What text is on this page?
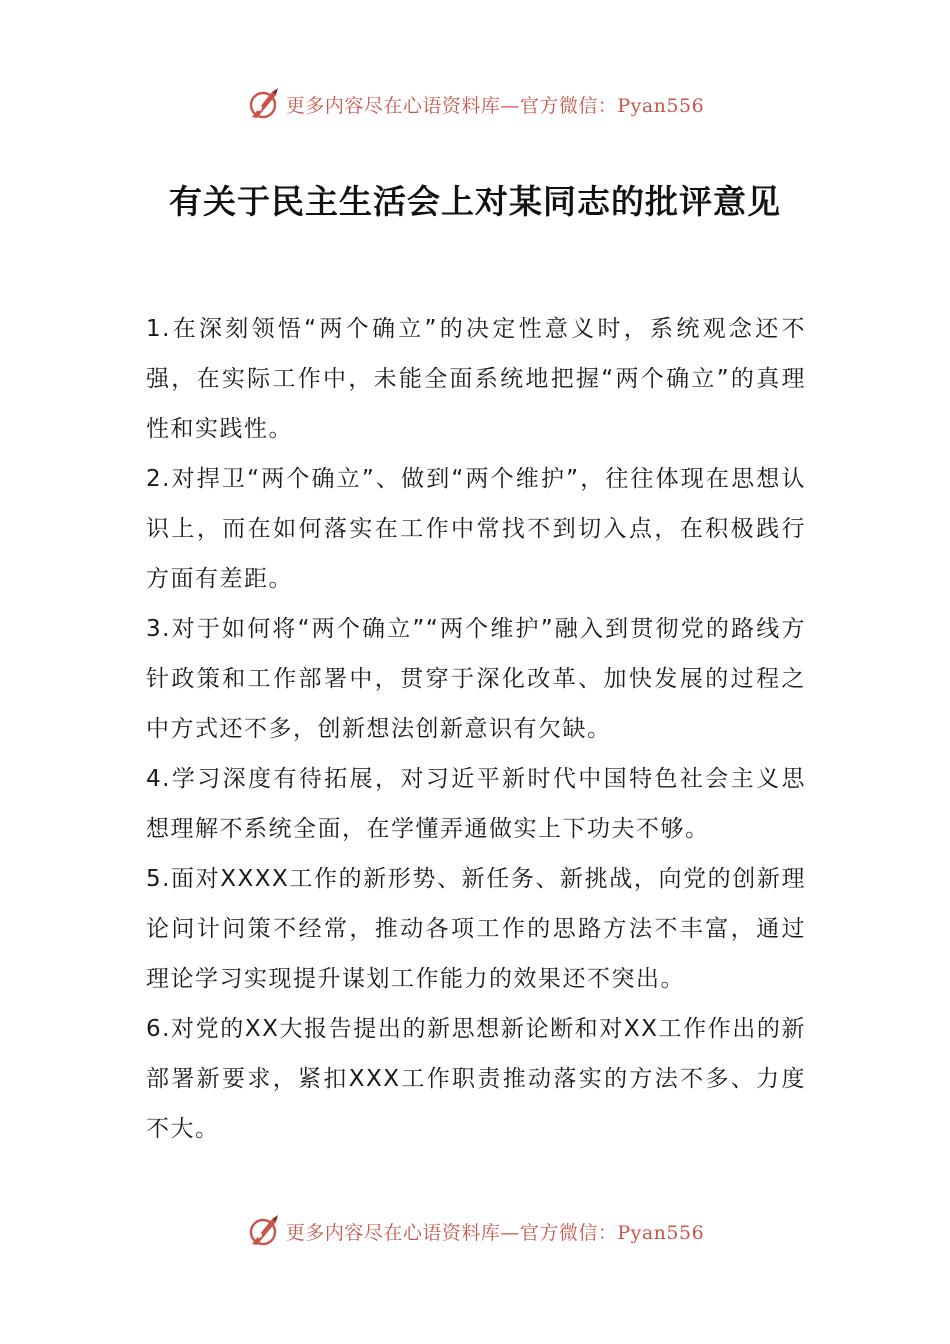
更多内容尽在心语资料库—官方微信：Pyan556
有关于民主生活会上对某同志的批评意见

1.在深刻领悟“两个确立”的决定性意义时，系统观念还不强，在实际工作中，未能全面系统地把握“两个确立”的真理性和实践性。

2.对捍卫“两个确立”、做到“两个维护”，往往体现在思想认识上，而在如何落实在工作中常找不到切入点，在积极践行方面有差距。

3.对于如何将“两个确立”“两个维护”融入到贯彻党的路线方针政策和工作部署中，贯穿于深化改革、加快发展的过程之中方式还不多，创新想法创新意识有欠缺。

4.学习深度有待拓展，对习近平新时代中国特色社会主义思想理解不系统全面，在学懂弄通做实上下功夫不够。

5.面对XXXX工作的新形势、新任务、新挑战，向党的创新理论问计问策不经常，推动各项工作的思路方法不丰富，通过理论学习实现提升谋划工作能力的效果还不突出。

6.对党的XX大报告提出的新思想新论断和对XX工作作出的新部署新要求，紧扣XXX工作职责推动落实的方法不多、力度不大。

更多内容尽在心语资料库—官方微信：Pyan556
